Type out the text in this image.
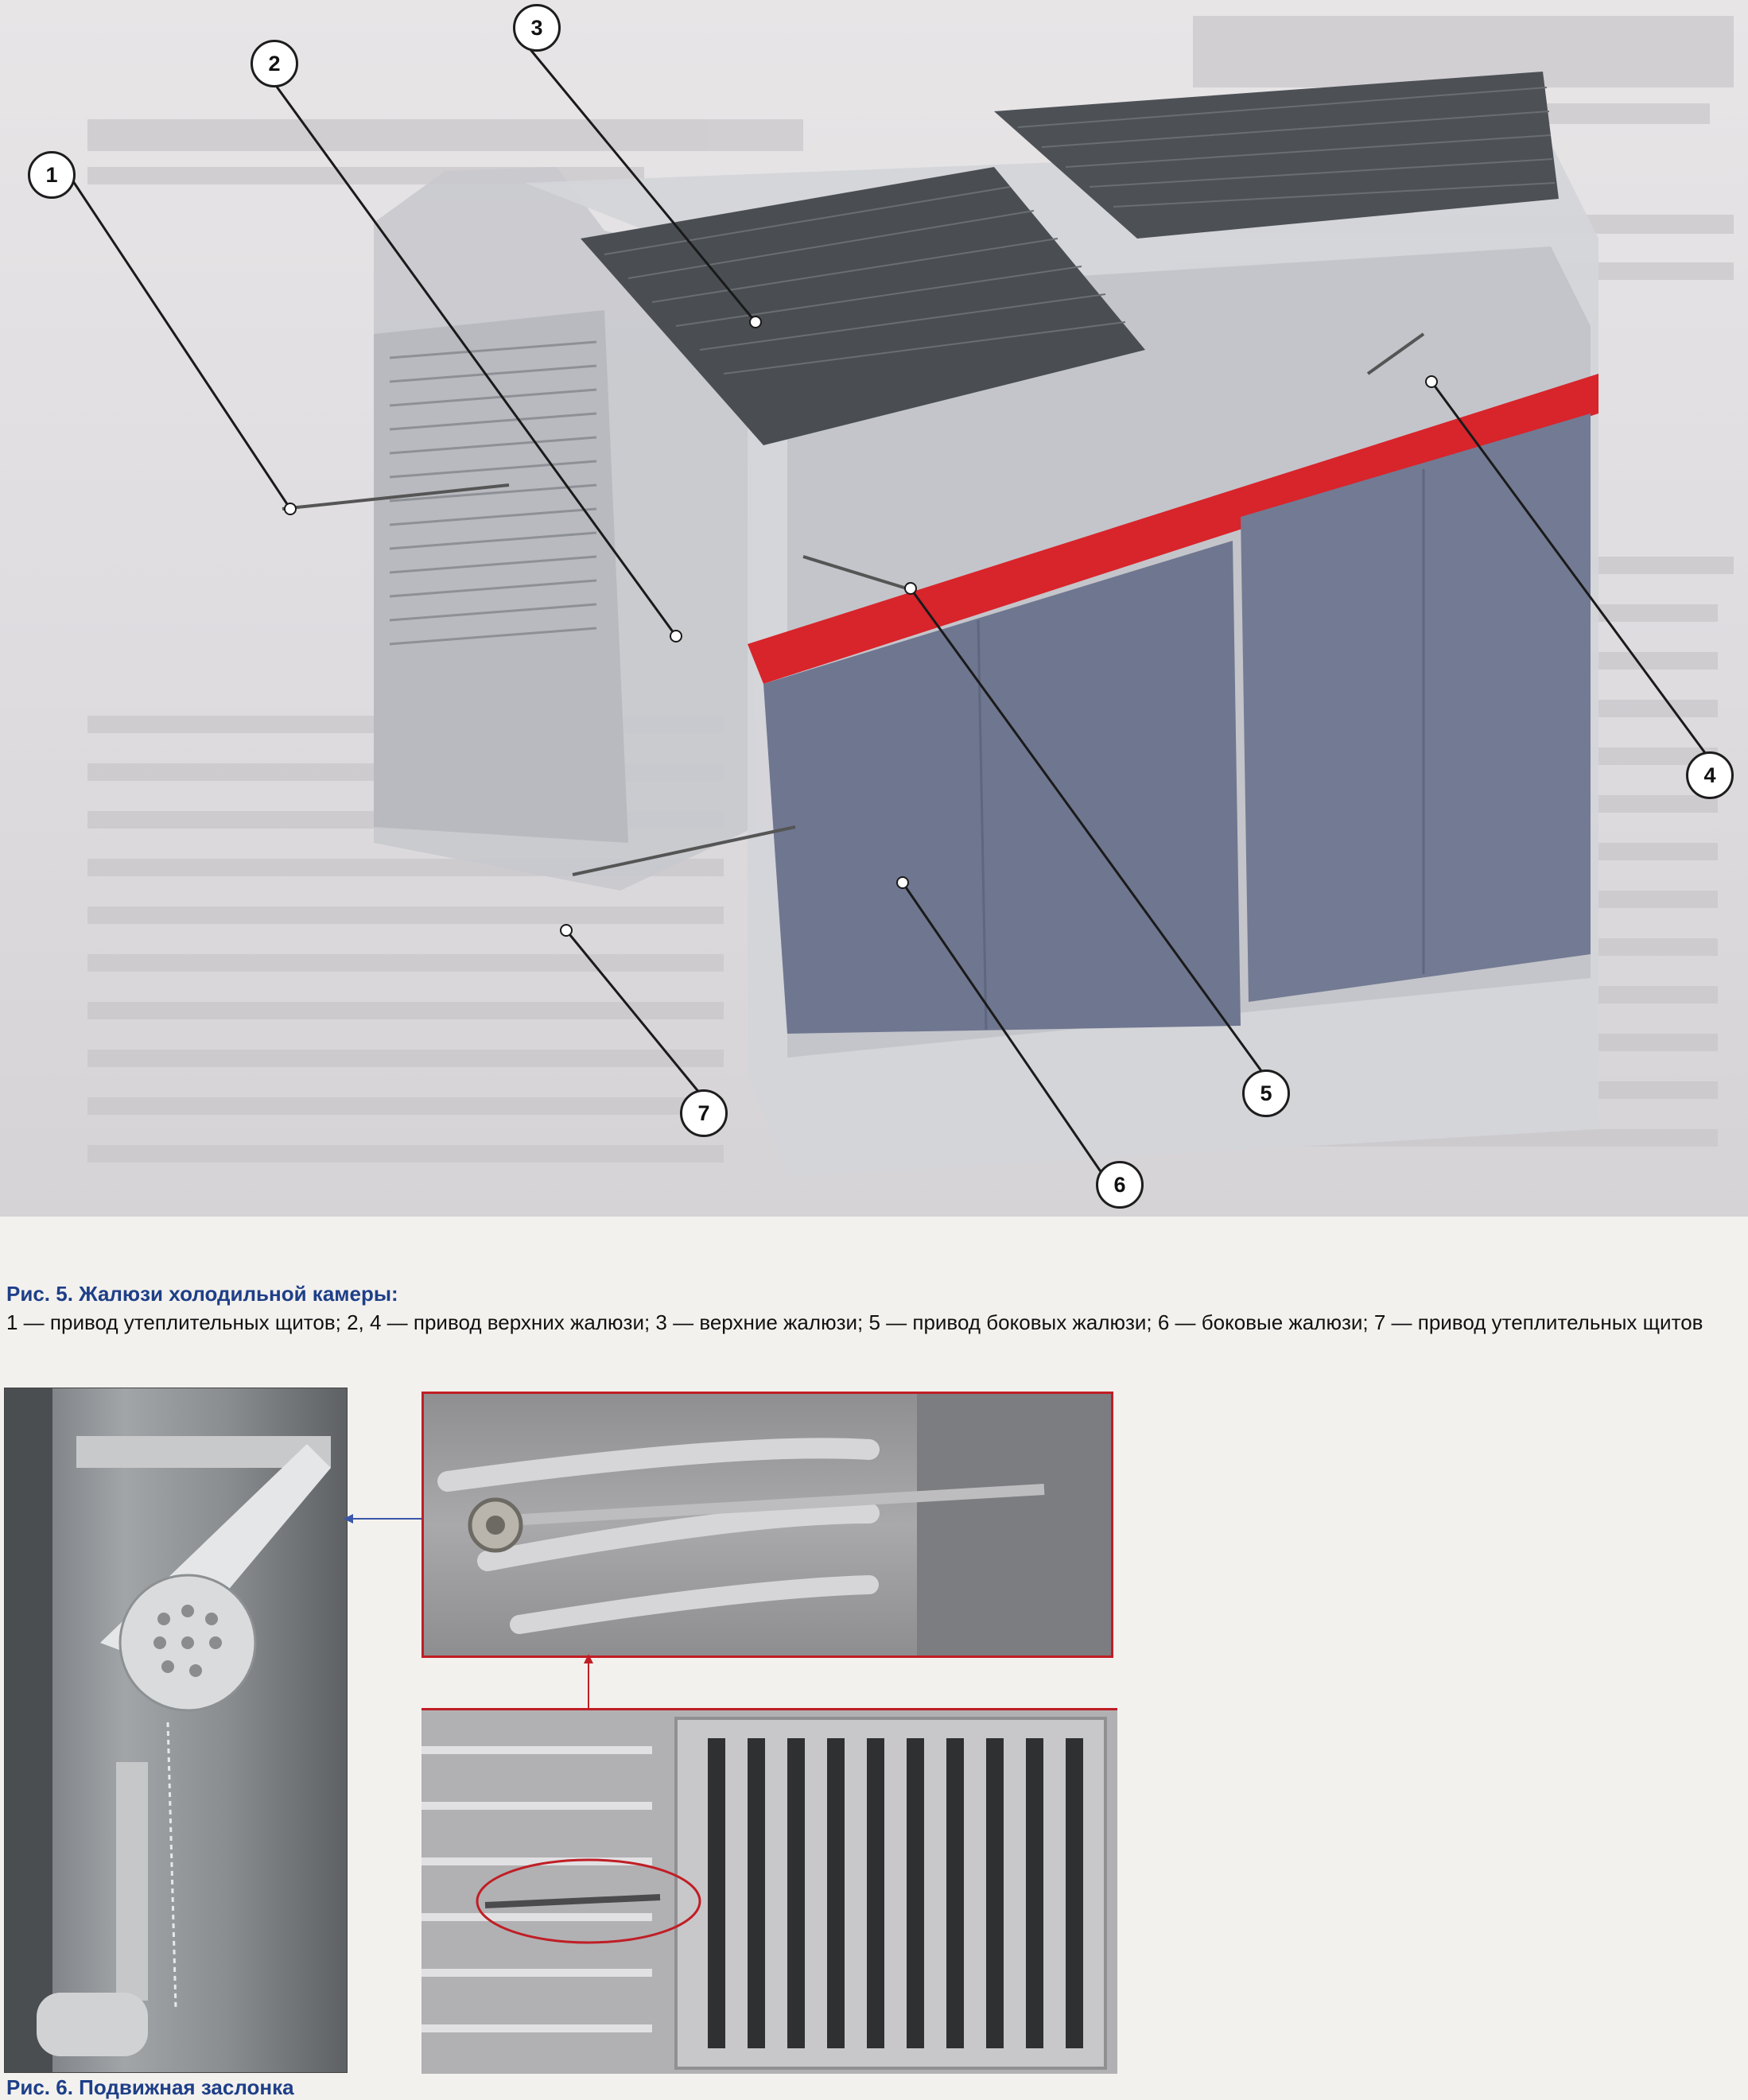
1
2
3
4
5
6
7

Рис. 5. Жалюзи холодильной камеры:

1 — привод утеплительных щитов; 2, 4 — привод верхних жалюзи; 3 — верхние жалюзи; 5 — привод боковых жалюзи; 6 — боковые жалюзи; 7 — привод утеплительных щитов

Рис. 6. Подвижная заслонка
